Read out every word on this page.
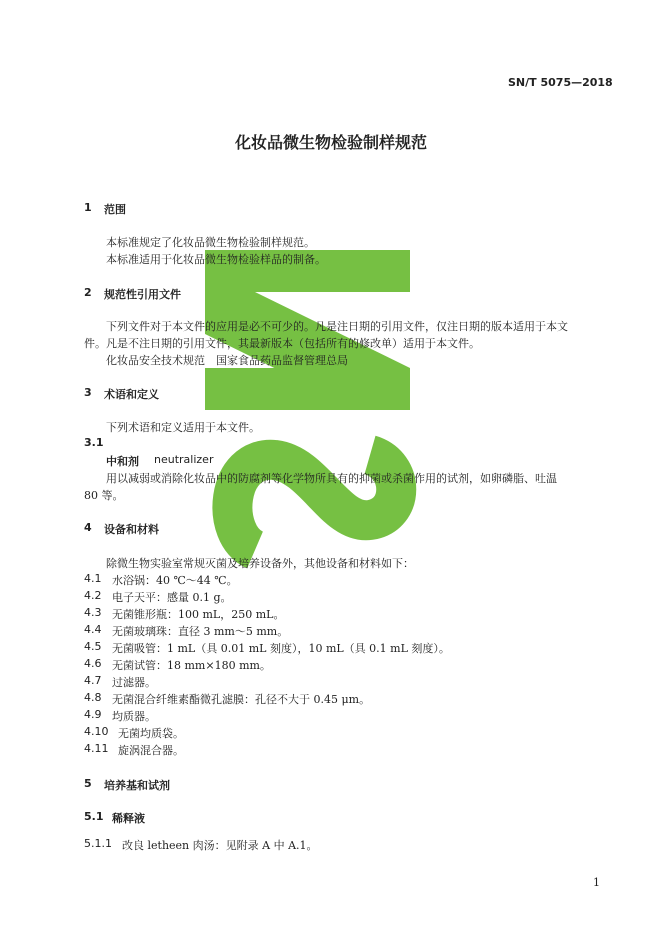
SN/T 5075—2018
化妆品微生物检验制样规范
1 范围
本标准规定了化妆品微生物检验制样规范。
本标准适用于化妆品微生物检验样品的制备。
2 规范性引用文件
下列文件对于本文件的应用是必不可少的。凡是注日期的引用文件，仅注日期的版本适用于本文
件。凡是不注日期的引用文件，其最新版本（包括所有的修改单）适用于本文件。
化妆品安全技术规范　国家食品药品监督管理总局
3 术语和定义
下列术语和定义适用于本文件。
3.1
中和剂 neutralizer
用以减弱或消除化妆品中的防腐剂等化学物所具有的抑菌或杀菌作用的试剂，如卵磷脂、吐温
80 等。
4 设备和材料
除微生物实验室常规灭菌及培养设备外，其他设备和材料如下：
4.1 水浴锅：40 ℃～44 ℃。
4.2 电子天平：感量 0.1 g。
4.3 无菌锥形瓶：100 mL，250 mL。
4.4 无菌玻璃珠：直径 3 mm～5 mm。
4.5 无菌吸管：1 mL（具 0.01 mL 刻度），10 mL（具 0.1 mL 刻度）。
4.6 无菌试管：18 mm×180 mm。
4.7 过滤器。
4.8 无菌混合纤维素酯微孔滤膜：孔径不大于 0.45 μm。
4.9 均质器。
4.10 无菌均质袋。
4.11 旋涡混合器。
5 培养基和试剂
5.1 稀释液
5.1.1 改良 letheen 肉汤：见附录 A 中 A.1。
1
